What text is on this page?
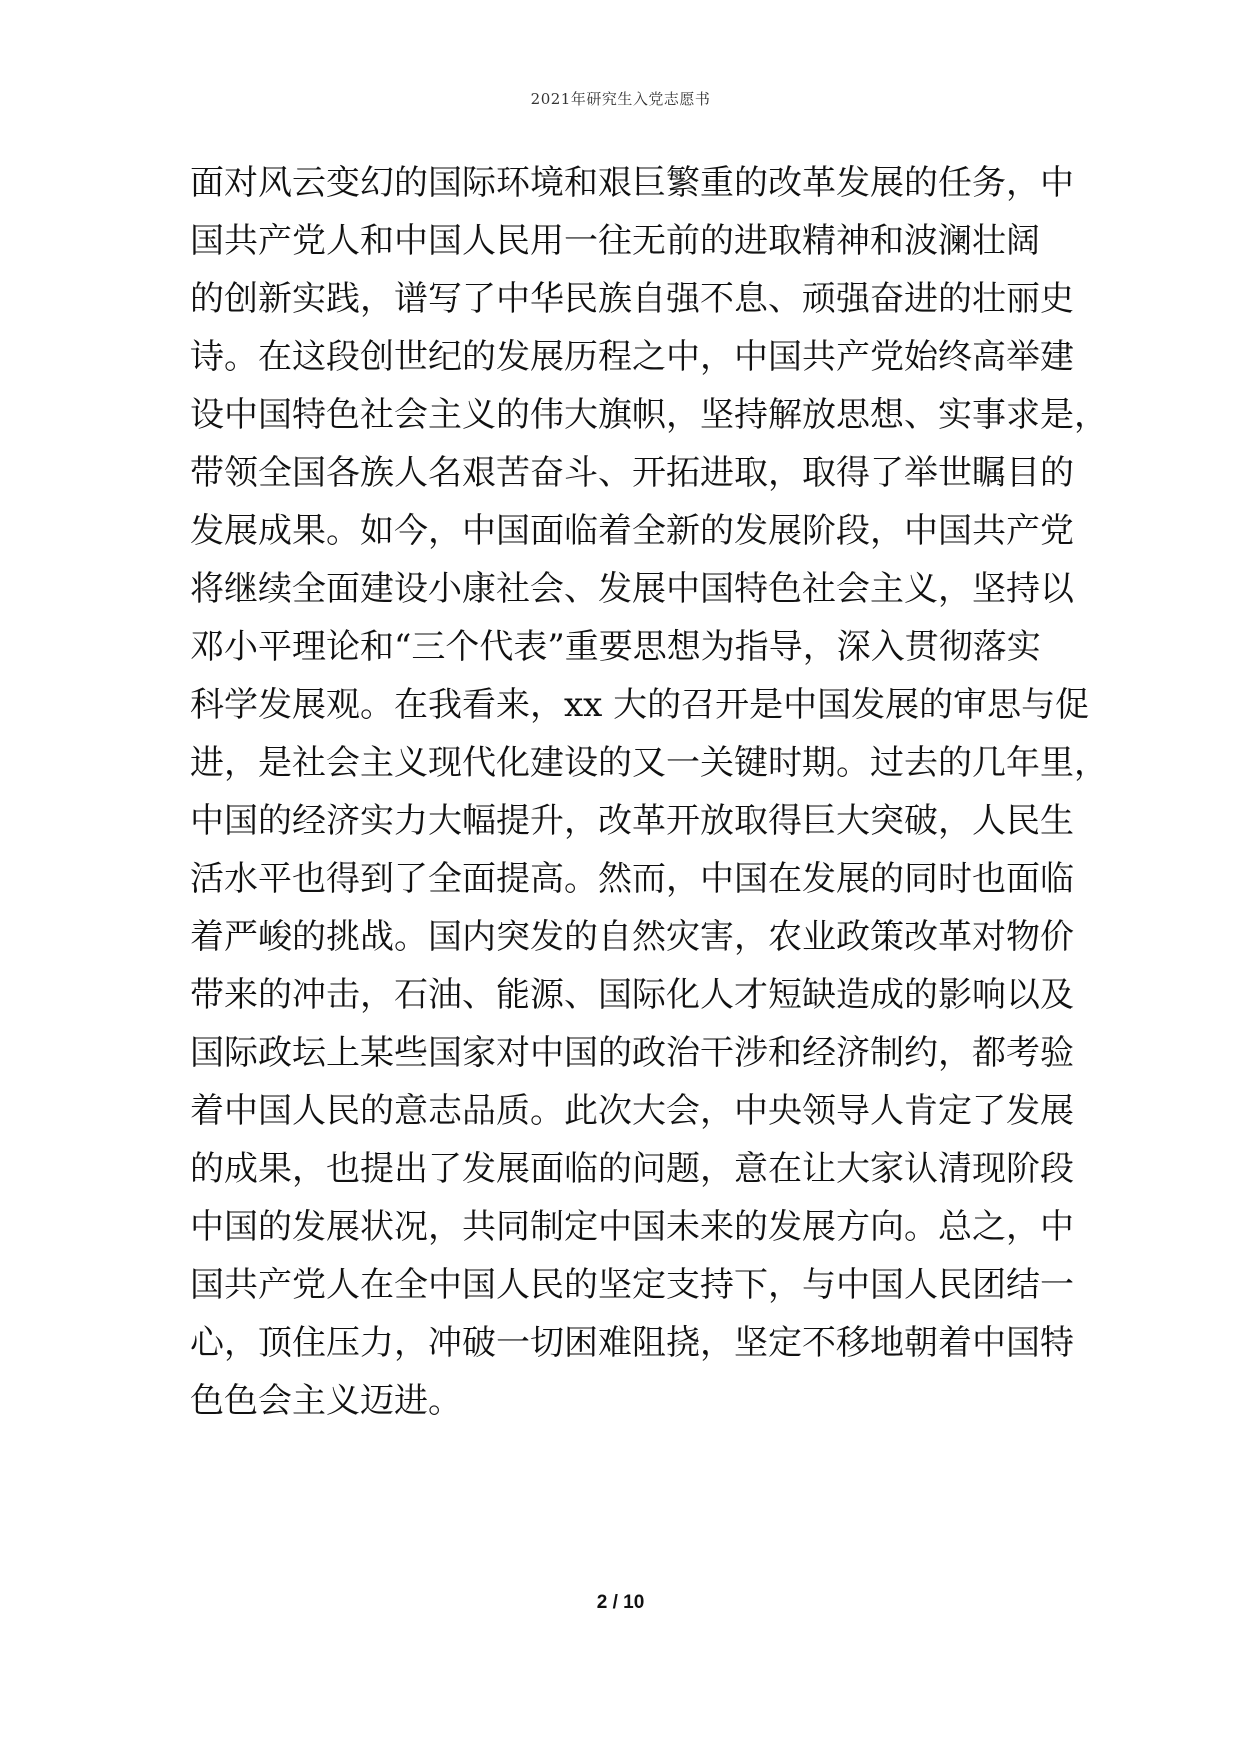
2021年研究生入党志愿书
面对风云变幻的国际环境和艰巨繁重的改革发展的任务，中
国共产党人和中国人民用一往无前的进取精神和波澜壮阔
的创新实践，谱写了中华民族自强不息、顽强奋进的壮丽史
诗。在这段创世纪的发展历程之中，中国共产党始终高举建
设中国特色社会主义的伟大旗帜，坚持解放思想、实事求是，
带领全国各族人名艰苦奋斗、开拓进取，取得了举世瞩目的
发展成果。如今，中国面临着全新的发展阶段，中国共产党
将继续全面建设小康社会、发展中国特色社会主义，坚持以
邓小平理论和“三个代表”重要思想为指导，深入贯彻落实
科学发展观。在我看来，xx 大的召开是中国发展的审思与促
进，是社会主义现代化建设的又一关键时期。过去的几年里，
中国的经济实力大幅提升，改革开放取得巨大突破，人民生
活水平也得到了全面提高。然而，中国在发展的同时也面临
着严峻的挑战。国内突发的自然灾害，农业政策改革对物价
带来的冲击，石油、能源、国际化人才短缺造成的影响以及
国际政坛上某些国家对中国的政治干涉和经济制约，都考验
着中国人民的意志品质。此次大会，中央领导人肯定了发展
的成果，也提出了发展面临的问题，意在让大家认清现阶段
中国的发展状况，共同制定中国未来的发展方向。总之，中
国共产党人在全中国人民的坚定支持下，与中国人民团结一
心，顶住压力，冲破一切困难阻挠，坚定不移地朝着中国特
色色会主义迈进。
2 / 10
